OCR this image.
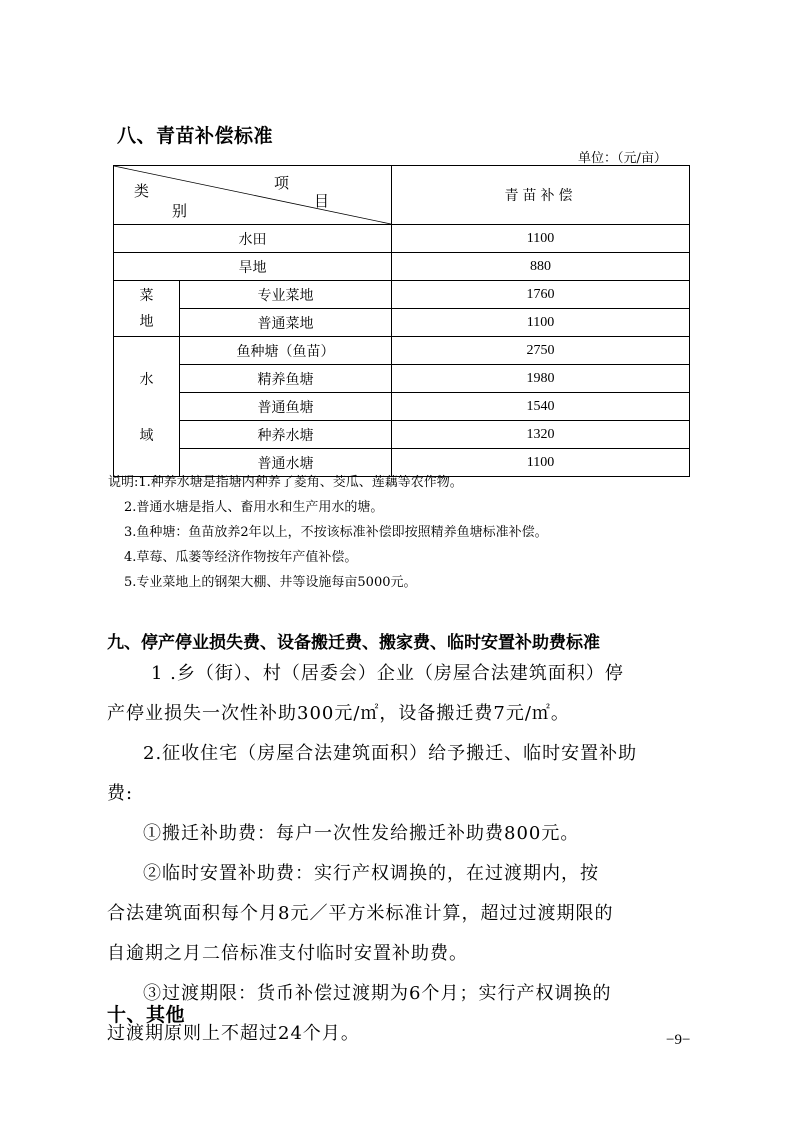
八、青苗补偿标准
单位：（元/亩）
项
目
类
别		青苗补偿
水田		1100
旱地		880

菜
地	专业菜地	1760
	普通菜地	1100

水
域	鱼种塘（鱼苗）	2750
	精养鱼塘	1980
	普通鱼塘	1540
	种养水塘	1320
	普通水塘	1100
说明:1.种养水塘是指塘内种养了菱角、茭瓜、莲藕等农作物。
2.普通水塘是指人、畜用水和生产用水的塘。
3.鱼种塘：鱼苗放养2年以上，不按该标准补偿即按照精养鱼塘标准补偿。
4.草莓、瓜蒌等经济作物按年产值补偿。
5.专业菜地上的钢架大棚、井等设施每亩5000元。
九、停产停业损失费、设备搬迁费、搬家费、临时安置补助费标准
1 .乡（街）、村（居委会）企业（房屋合法建筑面积）停
产停业损失一次性补助300元/㎡，设备搬迁费7元/㎡。
2.征收住宅（房屋合法建筑面积）给予搬迁、临时安置补助
费:
①搬迁补助费：每户一次性发给搬迁补助费800元。
②临时安置补助费：实行产权调换的，在过渡期内，按
合法建筑面积每个月8元／平方米标准计算，超过过渡期限的
自逾期之月二倍标准支付临时安置补助费。
③过渡期限：货币补偿过渡期为6个月；实行产权调换的
过渡期原则上不超过24个月。
十、其他
−9−
